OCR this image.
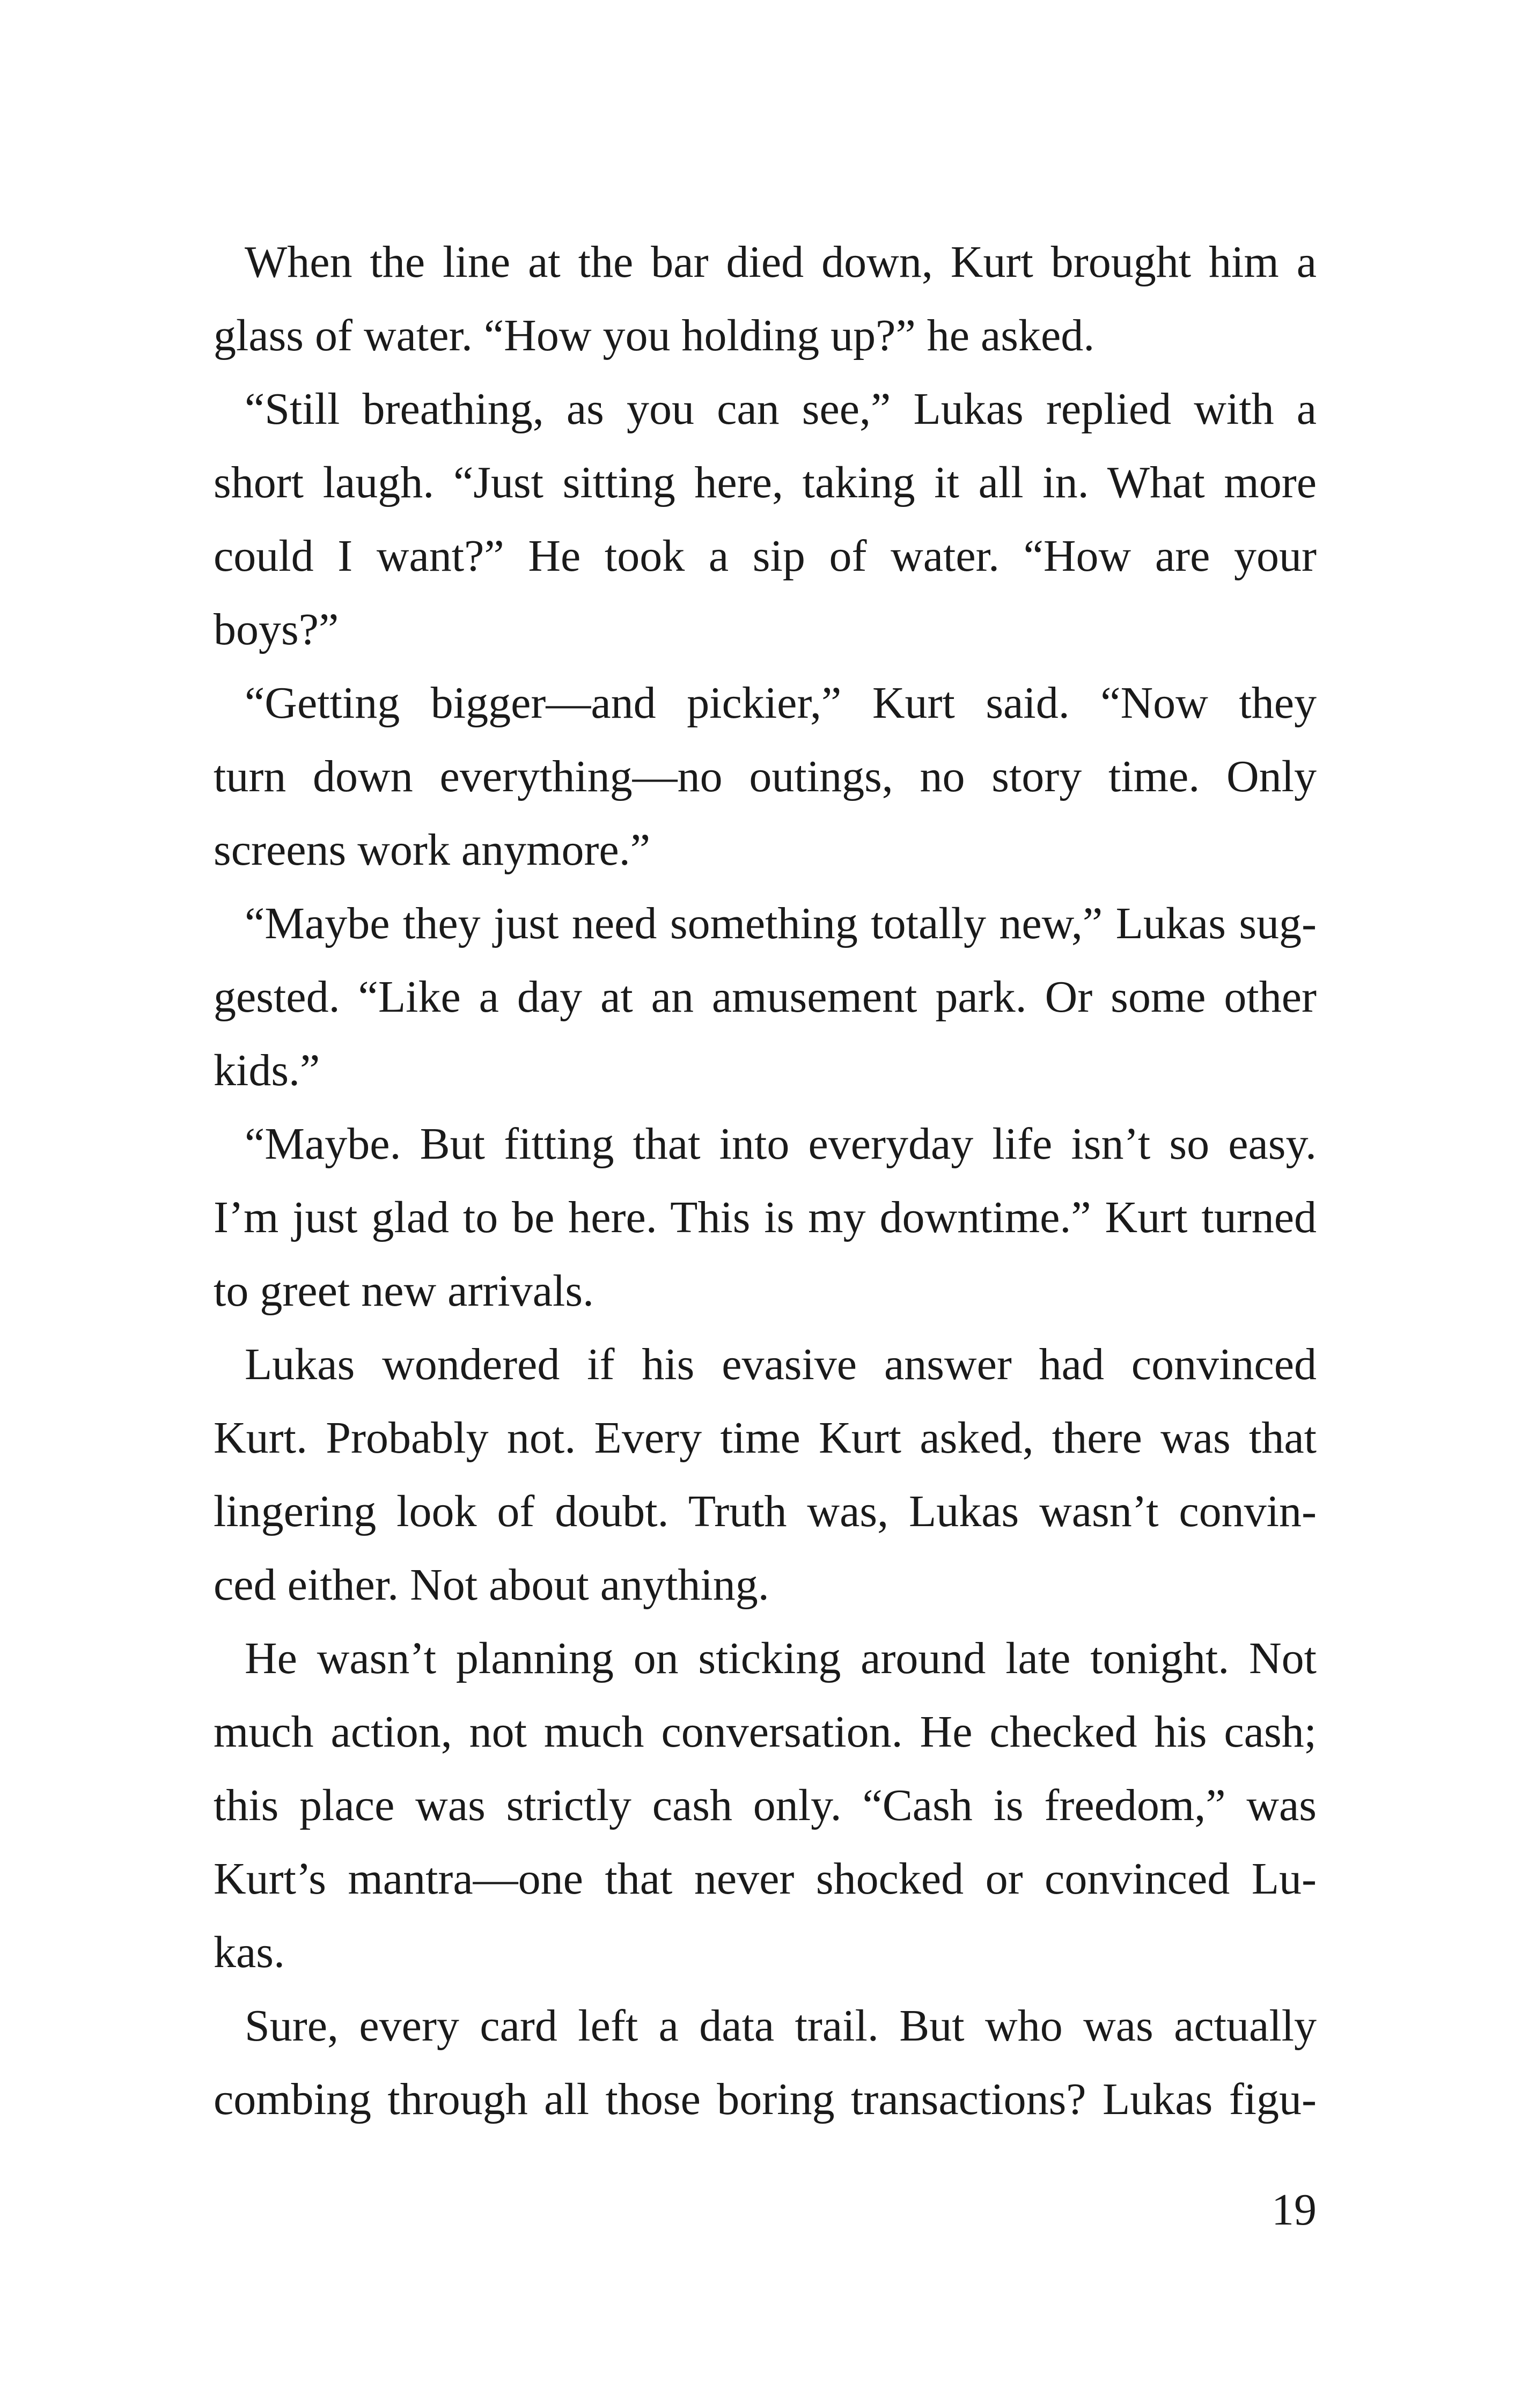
When the line at the bar died down, Kurt brought him a
glass of water. “How you holding up?” he asked.
“Still breathing, as you can see,” Lukas replied with a
short laugh. “Just sitting here, taking it all in. What more
could I want?” He took a sip of water. “How are your
boys?”
“Getting bigger—and pickier,” Kurt said. “Now they
turn down everything—no outings, no story time. Only
screens work anymore.”
“Maybe they just need something totally new,” Lukas sug-
gested. “Like a day at an amusement park. Or some other
kids.”
“Maybe. But fitting that into everyday life isn’t so easy.
I’m just glad to be here. This is my downtime.” Kurt turned
to greet new arrivals.
Lukas wondered if his evasive answer had convinced
Kurt. Probably not. Every time Kurt asked, there was that
lingering look of doubt. Truth was, Lukas wasn’t convin-
ced either. Not about anything.
He wasn’t planning on sticking around late tonight. Not
much action, not much conversation. He checked his cash;
this place was strictly cash only. “Cash is freedom,” was
Kurt’s mantra—one that never shocked or convinced Lu-
kas.
Sure, every card left a data trail. But who was actually
combing through all those boring transactions? Lukas figu-
19
